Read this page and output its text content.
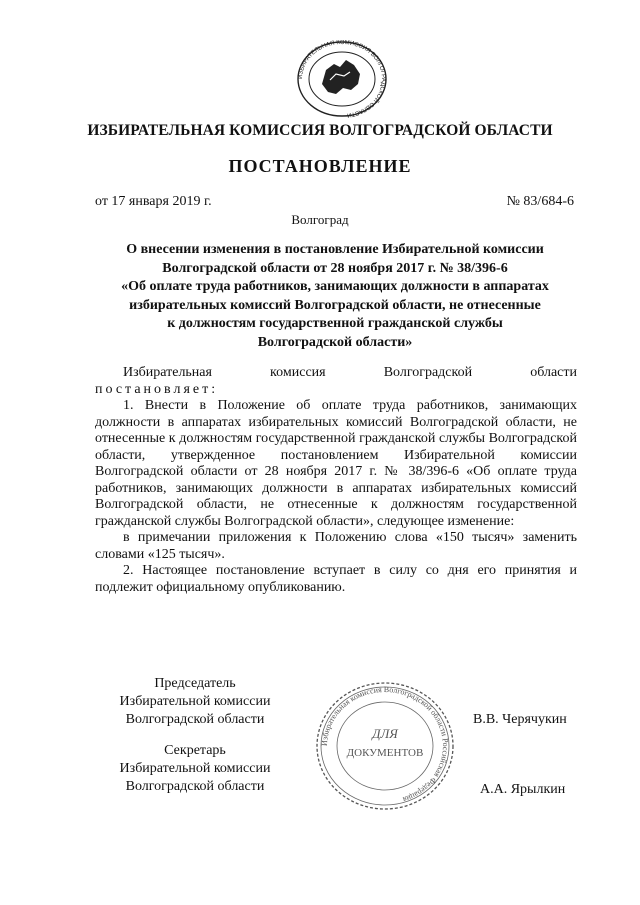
ИЗБИРАТЕЛЬНАЯ КОМИССИЯ ВОЛГОГРАДСКОЙ ОБЛАСТИ
ИЗБИРАТЕЛЬНАЯ КОМИССИЯ ВОЛГОГРАДСКОЙ ОБЛАСТИ
ПОСТАНОВЛЕНИЕ
от 17 января 2019 г.	№ 83/684-6
Волгоград
О внесении изменения в постановление Избирательной комиссии
Волгоградской области от 28 ноября 2017 г. № 38/396-6
«Об оплате труда работников, занимающих должности в аппаратах
избирательных комиссий Волгоградской области, не отнесенные
к должностям государственной гражданской службы
Волгоградской области»

Избирательная комиссия Волгоградской области

постановляет:

1. Внести в Положение об оплате труда работников, занимающих должности в аппаратах избирательных комиссий Волгоградской области, не отнесенные к должностям государственной гражданской службы Волгоградской области, утвержденное постановлением Избирательной комиссии Волгоградской области от 28 ноября 2017 г. № 38/396-6 «Об оплате труда работников, занимающих должности в аппаратах избирательных комиссий Волгоградской области, не отнесенные к должностям государственной гражданской службы Волгоградской области», следующее изменение:

в примечании приложения к Положению слова «150 тысяч» заменить словами «125 тысяч».

2. Настоящее постановление вступает в силу со дня его принятия и подлежит официальному опубликованию.

Председатель
Избирательной комиссии
Волгоградской области	В.В. Черячукин
Секретарь
Избирательной комиссии
Волгоградской области	А.А. Ярылкин
Избирательная комиссия Волгоградской области Российская Федерация
ДЛЯ
ДОКУМЕНТОВ
